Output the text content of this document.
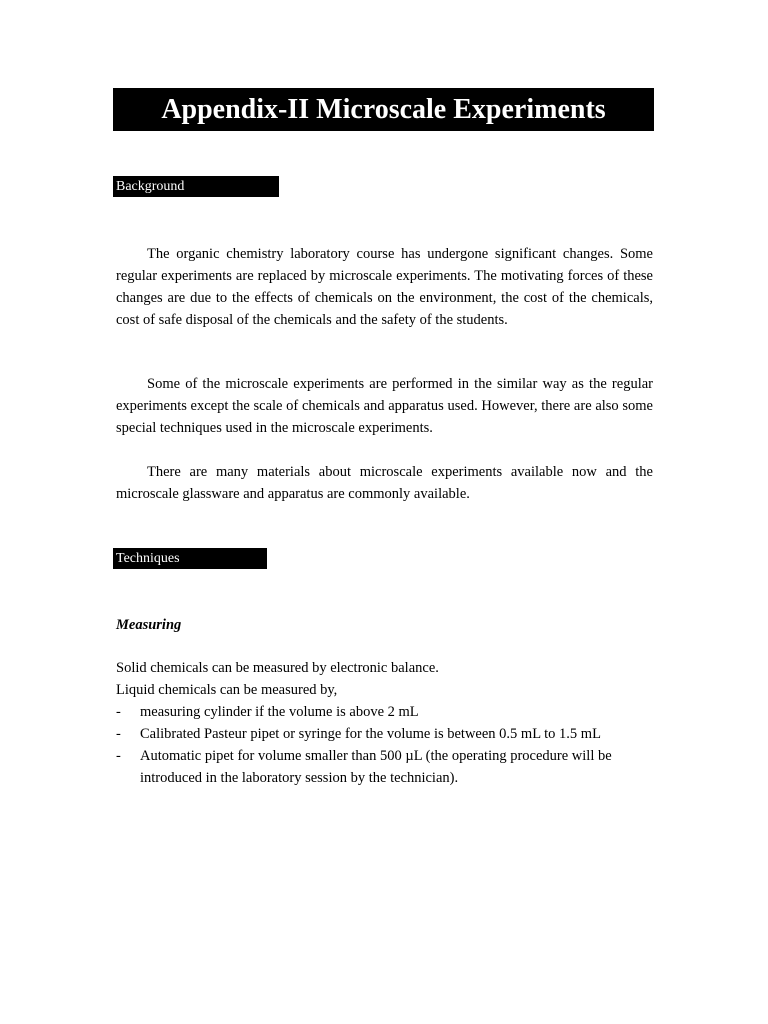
Appendix-II Microscale Experiments
Background

The organic chemistry laboratory course has undergone significant changes. Some regular experiments are replaced by microscale experiments. The motivating forces of these changes are due to the effects of chemicals on the environment, the cost of the chemicals, cost of safe disposal of the chemicals and the safety of the students.

Some of the microscale experiments are performed in the similar way as the regular experiments except the scale of chemicals and apparatus used. However, there are also some special techniques used in the microscale experiments.

There are many materials about microscale experiments available now and the microscale glassware and apparatus are commonly available.

Techniques
Measuring
Solid chemicals can be measured by electronic balance.
Liquid chemicals can be measured by,
-	measuring cylinder if the volume is above 2 mL
-	Calibrated Pasteur pipet or syringe for the volume is between 0.5 mL to 1.5 mL
-	Automatic pipet for volume smaller than 500 µL (the operating procedure will be introduced in the laboratory session by the technician).
